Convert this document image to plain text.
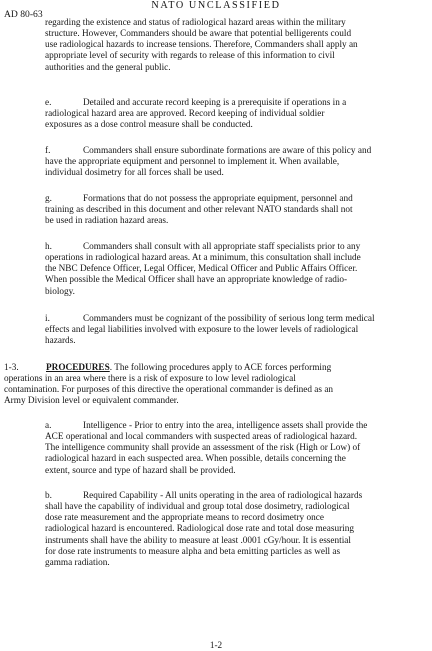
NATO UNCLASSIFIED
AD 80-63
regarding the existence and status of radiological hazard areas within the military
structure. However, Commanders should be aware that potential belligerents could
use radiological hazards to increase tensions. Therefore, Commanders shall apply an
appropriate level of security with regards to release of this information to civil
authorities and the general public.
e.	Detailed and accurate record keeping is a prerequisite if operations in a
radiological hazard area are approved. Record keeping of individual soldier
exposures as a dose control measure shall be conducted.
f.	Commanders shall ensure subordinate formations are aware of this policy and
have the appropriate equipment and personnel to implement it. When available,
individual dosimetry for all forces shall be used.
g.	Formations that do not possess the appropriate equipment, personnel and
training as described in this document and other relevant NATO standards shall not
be used in radiation hazard areas.
h.	Commanders shall consult with all appropriate staff specialists prior to any
operations in radiological hazard areas. At a minimum, this consultation shall include
the NBC Defence Officer, Legal Officer, Medical Officer and Public Affairs Officer.
When possible the Medical Officer shall have an appropriate knowledge of radio-
biology.
i.	Commanders must be cognizant of the possibility of serious long term medical
effects and legal liabilities involved with exposure to the lower levels of radiological
hazards.
1-3.	PROCEDURES. The following procedures apply to ACE forces performing
operations in an area where there is a risk of exposure to low level radiological
contamination. For purposes of this directive the operational commander is defined as an
Army Division level or equivalent commander.
a.	Intelligence - Prior to entry into the area, intelligence assets shall provide the
ACE operational and local commanders with suspected areas of radiological hazard.
The intelligence community shall provide an assessment of the risk (High or Low) of
radiological hazard in each suspected area. When possible, details concerning the
extent, source and type of hazard shall be provided.
b.	Required Capability - All units operating in the area of radiological hazards
shall have the capability of individual and group total dose dosimetry, radiological
dose rate measurement and the appropriate means to record dosimetry once
radiological hazard is encountered. Radiological dose rate and total dose measuring
instruments shall have the ability to measure at least .0001 cGy/hour. It is essential
for dose rate instruments to measure alpha and beta emitting particles as well as
gamma radiation.
1-2
